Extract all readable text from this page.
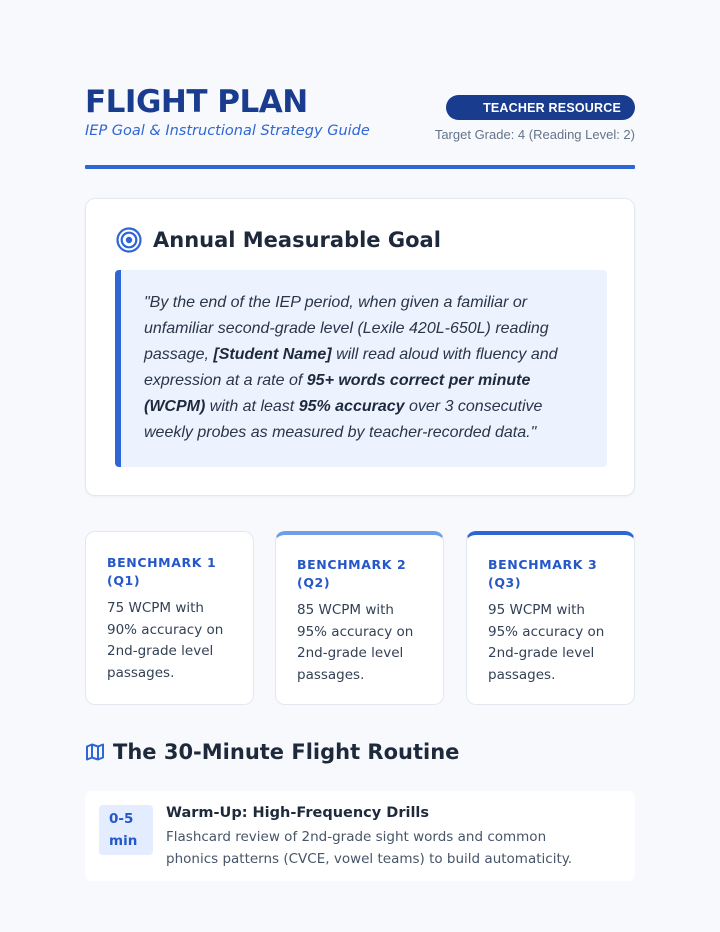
FLIGHT PLAN
IEP Goal & Instructional Strategy Guide
TEACHER RESOURCE
Target Grade: 4 (Reading Level: 2)
Annual Measurable Goal
"By the end of the IEP period, when given a familiar or unfamiliar second-grade level (Lexile 420L-650L) reading passage, [Student Name] will read aloud with fluency and expression at a rate of 95+ words correct per minute (WCPM) with at least 95% accuracy over 3 consecutive weekly probes as measured by teacher-recorded data."
BENCHMARK 1 (Q1)
75 WCPM with 90% accuracy on 2nd-grade level passages.
BENCHMARK 2 (Q2)
85 WCPM with 95% accuracy on 2nd-grade level passages.
BENCHMARK 3 (Q3)
95 WCPM with 95% accuracy on 2nd-grade level passages.
The 30-Minute Flight Routine
0-5
min
Warm-Up: High-Frequency Drills
Flashcard review of 2nd-grade sight words and common phonics patterns (CVCE, vowel teams) to build automaticity.
